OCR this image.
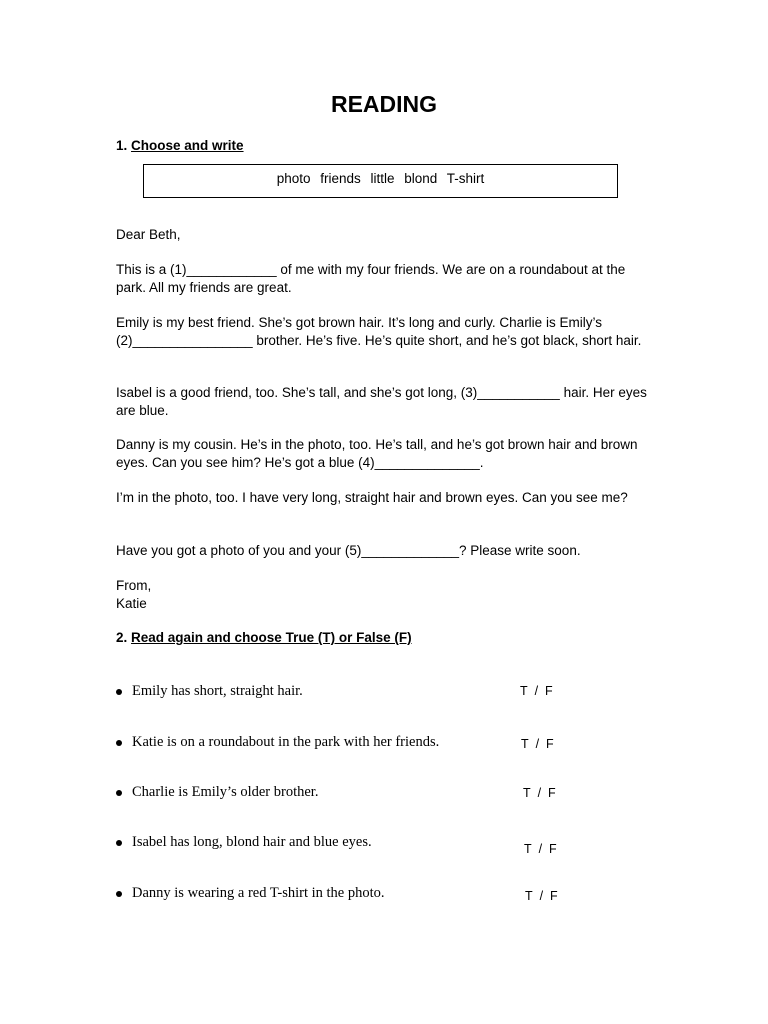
READING
1. Choose and write
photo friends little blond T-shirt
Dear Beth,
This is a (1)____________ of me with my four friends. We are on a roundabout at the park. All my friends are great.
Emily is my best friend. She’s got brown hair. It’s long and curly. Charlie is Emily’s (2)________________ brother. He’s five. He’s quite short, and he’s got black, short hair.
Isabel is a good friend, too. She’s tall, and she’s got long, (3)___________ hair. Her eyes are blue.
Danny is my cousin. He’s in the photo, too. He’s tall, and he’s got brown hair and brown eyes. Can you see him? He’s got a blue (4)______________.
I’m in the photo, too. I have very long, straight hair and brown eyes. Can you see me?
Have you got a photo of you and your (5)_____________? Please write soon.
From,
Katie
2. Read again and choose True (T) or False (F)
Emily has short, straight hair.	T / F
Katie is on a roundabout in the park with her friends.	T / F
Charlie is Emily’s older brother.	T / F
Isabel has long, blond hair and blue eyes.	T / F
Danny is wearing a red T-shirt in the photo.	T / F
